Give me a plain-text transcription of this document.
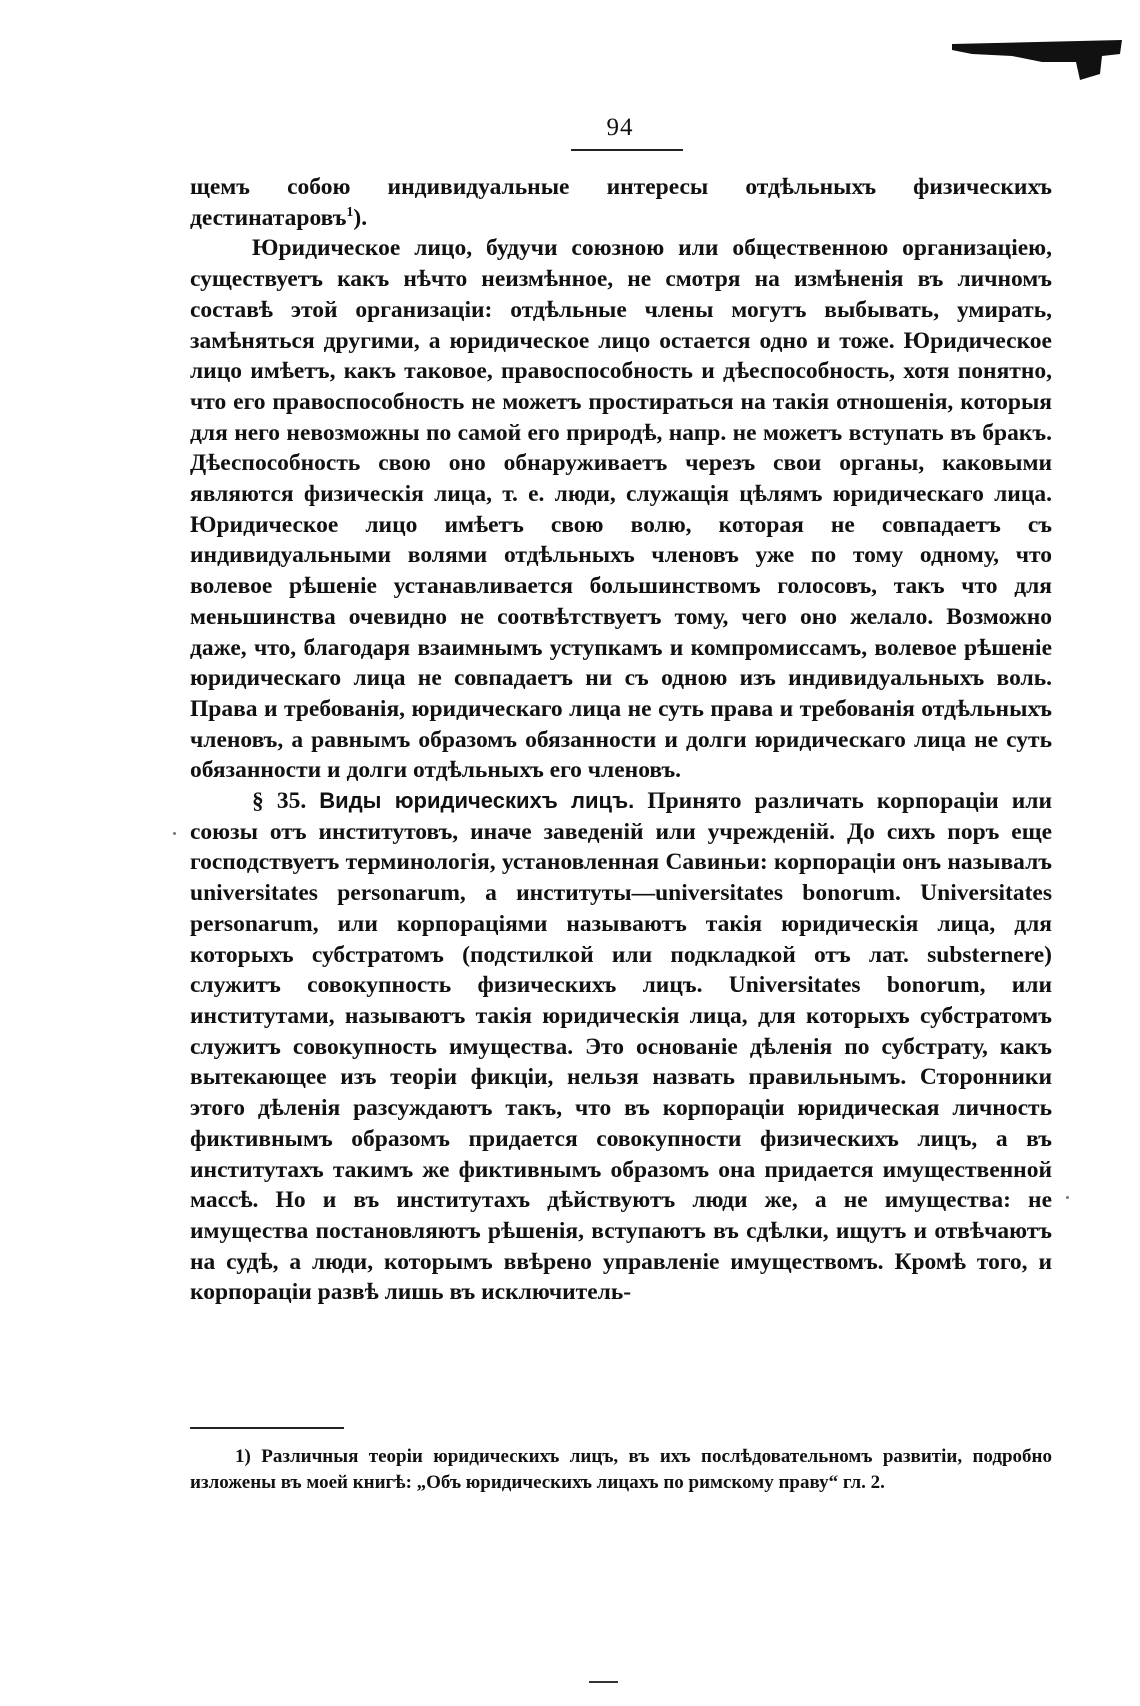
94

щемъ собою индивидуальные интересы отдѣльныхъ физическихъ дестинатаровъ$^1$).

Юридическое лицо, будучи союзною или общественною организацiею, существуетъ какъ нѣчто неизмѣнное, не смотря на измѣненiя въ личномъ составѣ этой организацiи: отдѣльные члены могутъ выбывать, умирать, замѣняться другими, а юридическое лицо остается одно и тоже. Юридическое лицо имѣетъ, какъ таковое, правоспособность и дѣеспособность, хотя понятно, что его правоспособность не можетъ простираться на такiя отношенiя, которыя для него невозможны по самой его природѣ, напр. не можетъ вступать въ бракъ. Дѣеспособность свою оно обнаруживаетъ черезъ свои органы, каковыми являются физическiя лица, т. е. люди, служащiя цѣлямъ юридическаго лица. Юридическое лицо имѣетъ свою волю, которая не совпадаетъ съ индивидуальными волями отдѣльныхъ членовъ уже по тому одному, что волевое рѣшенiе устанавливается большинствомъ голосовъ, такъ что для меньшинства очевидно не соотвѣтствуетъ тому, чего оно желало. Возможно даже, что, благодаря взаимнымъ уступкамъ и компромиссамъ, волевое рѣшенiе юридическаго лица не совпадаетъ ни съ одною изъ индивидуальныхъ воль. Права и требованiя, юридическаго лица не суть права и требованiя отдѣльныхъ членовъ, а равнымъ образомъ обязанности и долги юридическаго лица не суть обязанности и долги отдѣльныхъ его членовъ.

§ 35. Виды юридическихъ лицъ. Принято различать корпорацiи или союзы отъ институтовъ, иначе заведенiй или учрежденiй. До сихъ поръ еще господствуетъ терминологiя, установленная Савиньи: корпорацiи онъ называлъ universitates personarum, а институты—universitates bonorum. Universitates personarum, или корпорацiями называютъ такiя юридическiя лица, для которыхъ субстратомъ (подстилкой или подкладкой отъ лат. substernere) служитъ совокупность физическихъ лицъ. Universitates bonorum, или институтами, называютъ такiя юридическiя лица, для которыхъ субстратомъ служитъ совокупность имущества. Это основанiе дѣленiя по субстрату, какъ вытекающее изъ теорiи фикцiи, нельзя назвать правильнымъ. Сторонники этого дѣленiя разсуждаютъ такъ, что въ корпорацiи юридическая личность фиктивнымъ образомъ придается совокупности физическихъ лицъ, а въ институтахъ такимъ же фиктивнымъ образомъ она придается имущественной массѣ. Но и въ институтахъ дѣйствуютъ люди же, а не имущества: не имущества постановляютъ рѣшенiя, вступаютъ въ сдѣлки, ищутъ и отвѣчаютъ на судѣ, а люди, которымъ ввѣрено управленiе имуществомъ. Кромѣ того, и корпорацiи развѣ лишь въ исключитель-

1) Различныя теорiи юридическихъ лицъ, въ ихъ послѣдовательномъ развитiи, подробно изложены въ моей книгѣ: „Объ юридическихъ лицахъ по римскому праву“ гл. 2.
